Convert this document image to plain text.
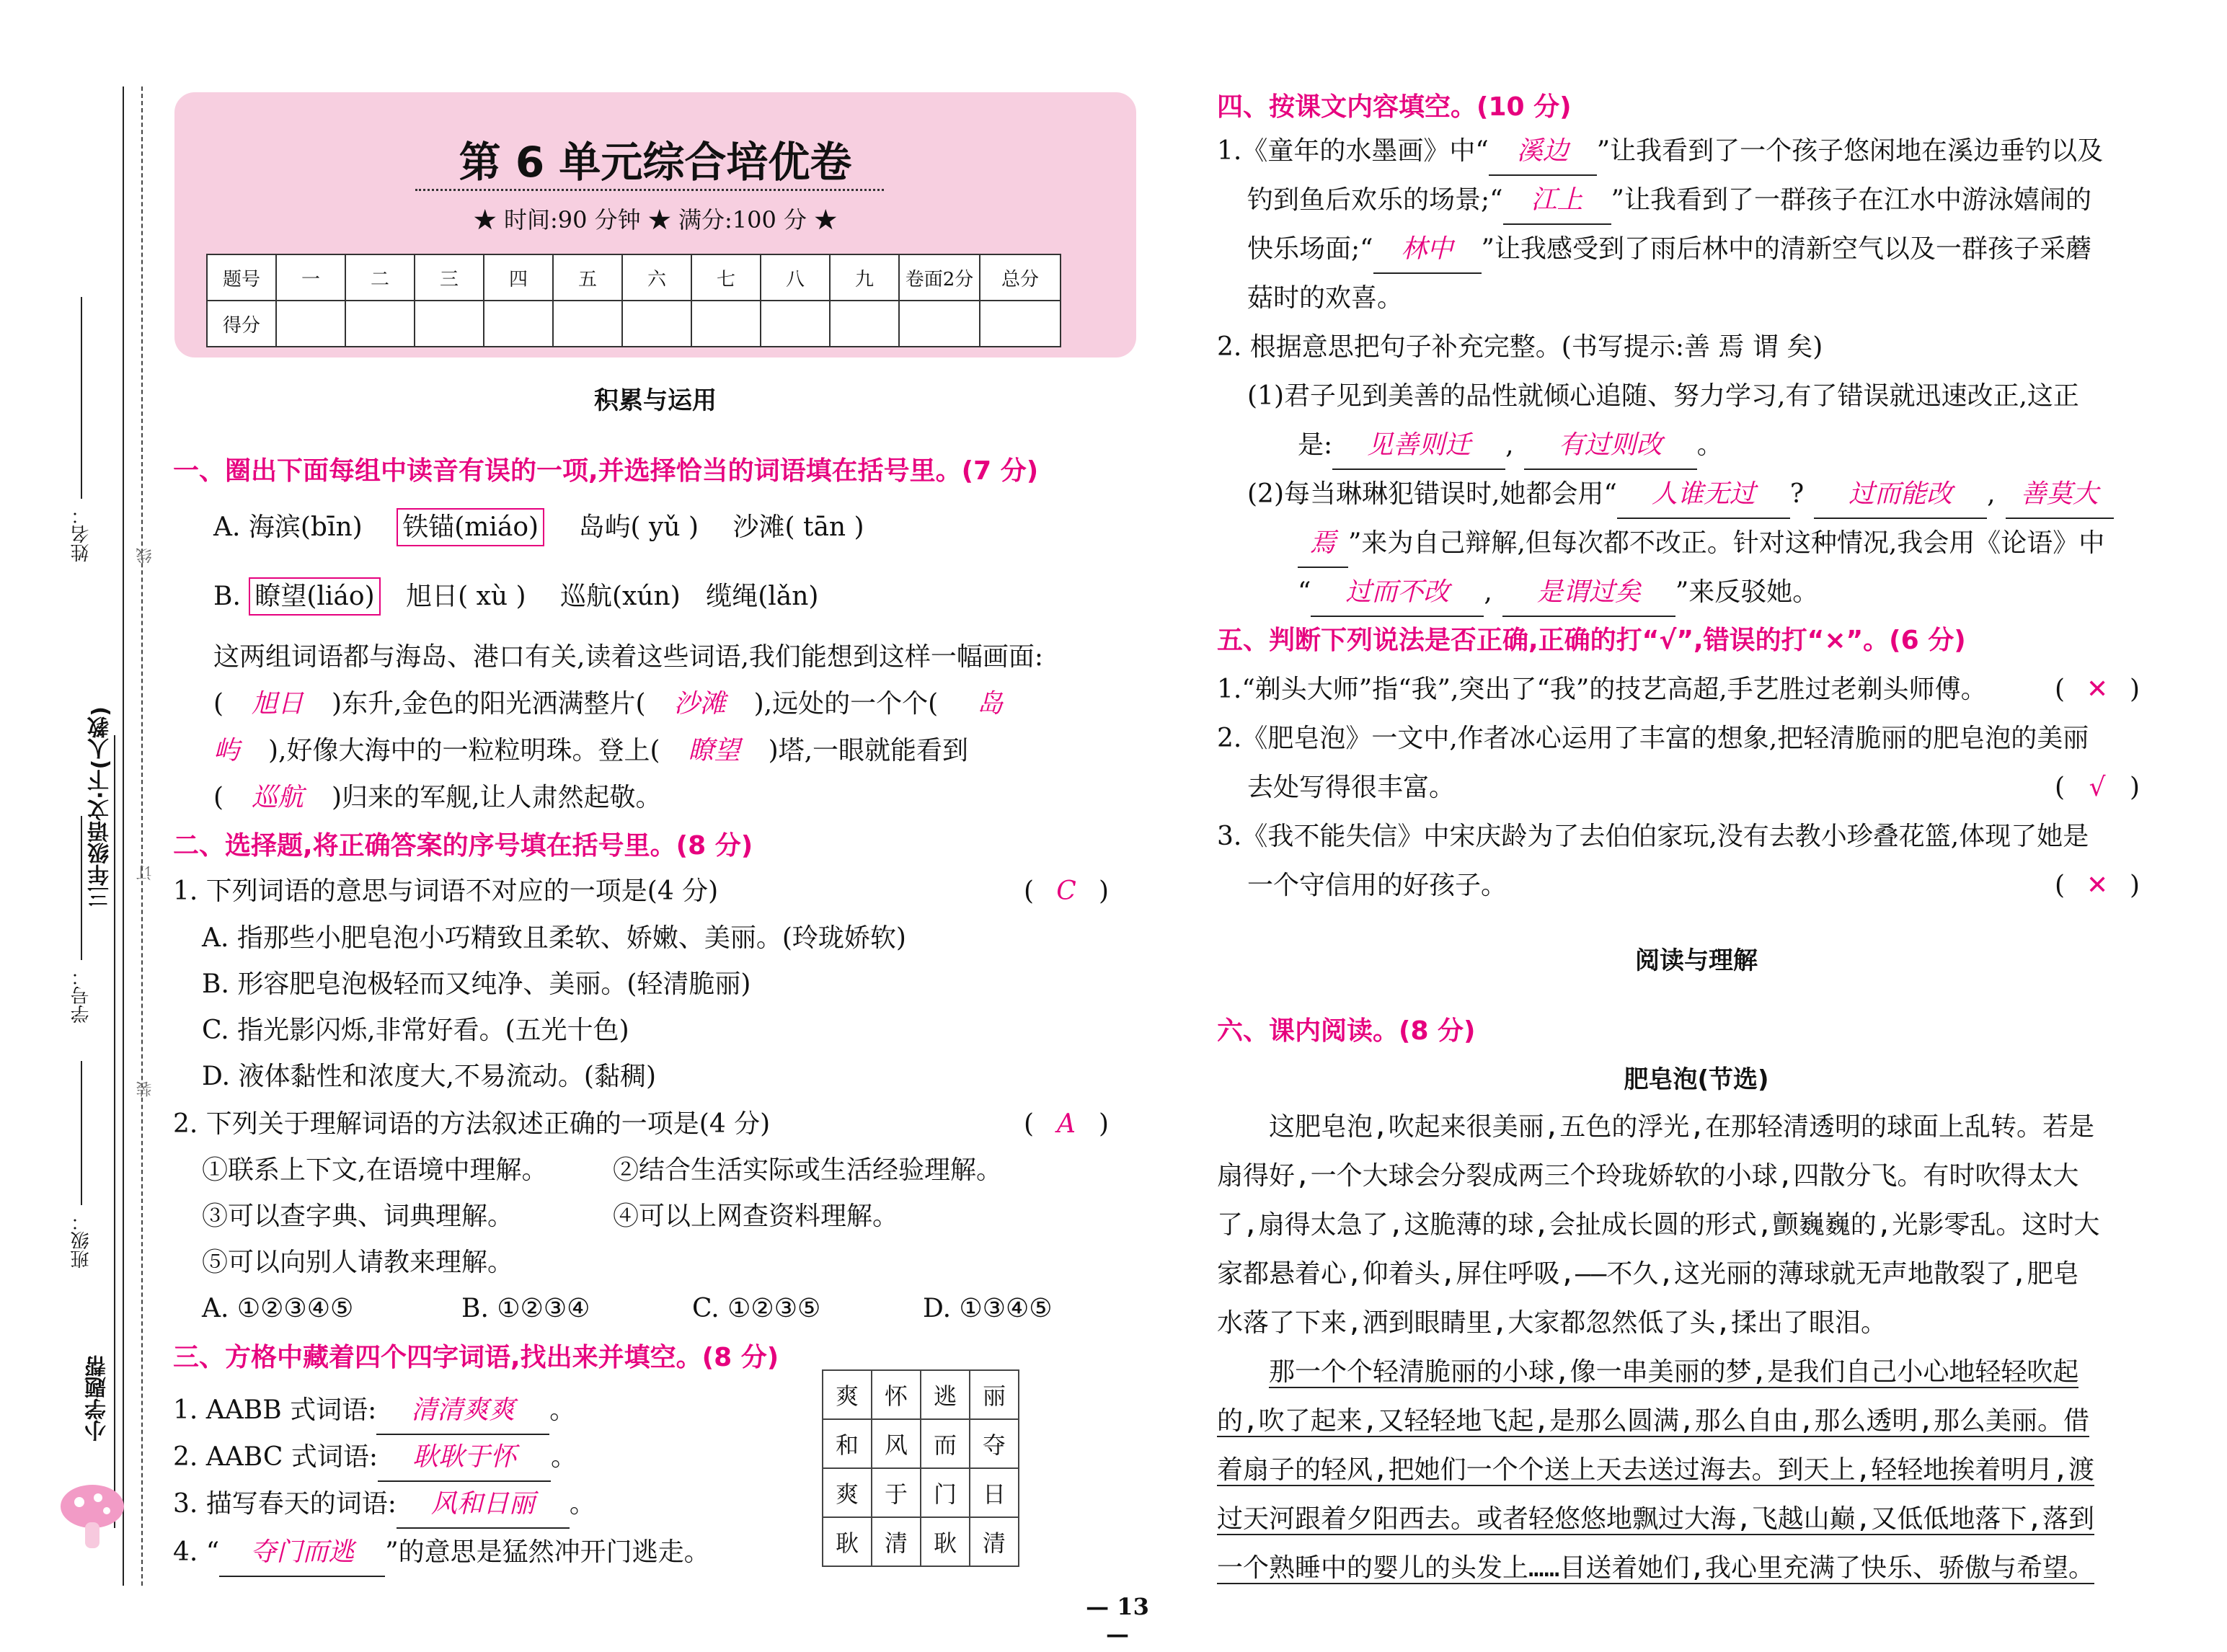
姓名：
学号：
班级：
三年级语文·下(人教)
线
订
装
小学题帮
第 6 单元综合培优卷
★ 时间:90 分钟 ★ 满分:100 分 ★
题号	一	二	三	四	五	六	七	八	九	卷面2分	总分
得分											
积累与运用
一、圈出下面每组中读音有误的一项,并选择恰当的词语填在括号里。(7 分)
A. 海滨(bīn) 铁锚(miáo) 岛屿( yǔ ) 沙滩( tān )
B. 瞭望(liáo) 旭日( xù ) 巡航(xún) 缆绳(lǎn)
这两组词语都与海岛、港口有关,读着这些词语,我们能想到这样一幅画面:
( 旭日 )东升,金色的阳光洒满整片( 沙滩 ),远处的一个个( 岛
屿 ),好像大海中的一粒粒明珠。登上( 瞭望 )塔,一眼就能看到
( 巡航 )归来的军舰,让人肃然起敬。
二、选择题,将正确答案的序号填在括号里。(8 分)
1. 下列词语的意思与词语不对应的一项是(4 分)	( C )
A. 指那些小肥皂泡小巧精致且柔软、娇嫩、美丽。(玲珑娇软)
B. 形容肥皂泡极轻而又纯净、美丽。(轻清脆丽)
C. 指光影闪烁,非常好看。(五光十色)
D. 液体黏性和浓度大,不易流动。(黏稠)
2. 下列关于理解词语的方法叙述正确的一项是(4 分)	( A )
①联系上下文,在语境中理解。	②结合生活实际或生活经验理解。
③可以查字典、词典理解。	④可以上网查资料理解。
⑤可以向别人请教来理解。
A. ①②③④⑤	B. ①②③④	C. ①②③⑤	D. ①③④⑤
三、方格中藏着四个四字词语,找出来并填空。(8 分)
1. AABB 式词语: 清清爽爽 。
2. AABC 式词语: 耿耿于怀 。
3. 描写春天的词语: 风和日丽 。
4. “ 夺门而逃 ”的意思是猛然冲开门逃走。
爽	怀	逃	丽
和	风	而	夺
爽	于	门	日
耿	清	耿	清
四、按课文内容填空。(10 分)
1.《童年的水墨画》中“ 溪边 ”让我看到了一个孩子悠闲地在溪边垂钓以及
钓到鱼后欢乐的场景;“ 江上 ”让我看到了一群孩子在江水中游泳嬉闹的
快乐场面;“ 林中 ”让我感受到了雨后林中的清新空气以及一群孩子采蘑
菇时的欢喜。
2. 根据意思把句子补充完整。(书写提示:善 焉 谓 矣)
(1)君子见到美善的品性就倾心追随、努力学习,有了错误就迅速改正,这正
是: 见善则迁 , 有过则改 。
(2)每当琳琳犯错误时,她都会用“ 人谁无过 ? 过而能改 , 善莫大
焉 ”来为自己辩解,但每次都不改正。针对这种情况,我会用《论语》中
“ 过而不改 , 是谓过矣 ”来反驳她。
五、判断下列说法是否正确,正确的打“√”,错误的打“×”。(6 分)
1.“剃头大师”指“我”,突出了“我”的技艺高超,手艺胜过老剃头师傅。	( ✕ )
2.《肥皂泡》一文中,作者冰心运用了丰富的想象,把轻清脆丽的肥皂泡的美丽
去处写得很丰富。	( √ )
3.《我不能失信》中宋庆龄为了去伯伯家玩,没有去教小珍叠花篮,体现了她是
一个守信用的好孩子。	( ✕ )
阅读与理解
六、课内阅读。(8 分)
肥皂泡(节选)
这肥皂泡,吹起来很美丽,五色的浮光,在那轻清透明的球面上乱转。若是
扇得好,一个大球会分裂成两三个玲珑娇软的小球,四散分飞。有时吹得太大
了,扇得太急了,这脆薄的球,会扯成长圆的形式,颤巍巍的,光影零乱。这时大
家都悬着心,仰着头,屏住呼吸,——不久,这光丽的薄球就无声地散裂了,肥皂
水落了下来,洒到眼睛里,大家都忽然低了头,揉出了眼泪。
那一个个轻清脆丽的小球,像一串美丽的梦,是我们自己小心地轻轻吹起
的,吹了起来,又轻轻地飞起,是那么圆满,那么自由,那么透明,那么美丽。借
着扇子的轻风,把她们一个个送上天去送过海去。到天上,轻轻地挨着明月,渡
过天河跟着夕阳西去。或者轻悠悠地飘过大海,飞越山巅,又低低地落下,落到
一个熟睡中的婴儿的头发上……目送着她们,我心里充满了快乐、骄傲与希望。
— 13 —
